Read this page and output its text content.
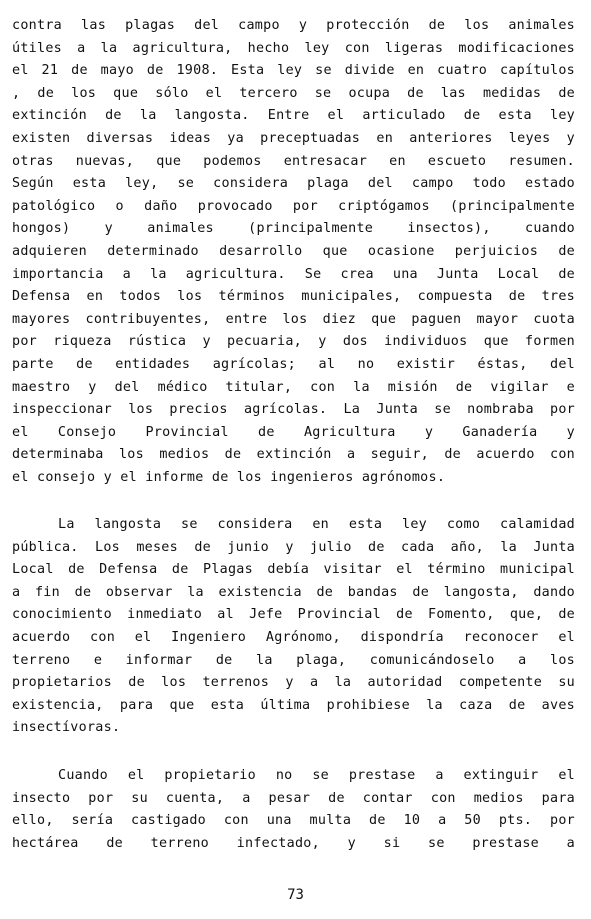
contra las plagas del campo y protección de los animales
útiles a la agricultura, hecho ley con ligeras modificaciones
el 21 de mayo de 1908. Esta ley se divide en cuatro capítulos
, de los que sólo el tercero se ocupa de las medidas de
extinción de la langosta. Entre el articulado de esta ley
existen diversas ideas ya preceptuadas en anteriores leyes y
otras nuevas, que podemos entresacar en escueto resumen.
Según esta ley, se considera plaga del campo todo estado
patológico o daño provocado por criptógamos (principalmente
hongos) y animales (principalmente insectos), cuando
adquieren determinado desarrollo que ocasione perjuicios de
importancia a la agricultura. Se crea una Junta Local de
Defensa en todos los términos municipales, compuesta de tres
mayores contribuyentes, entre los diez que paguen mayor cuota
por riqueza rústica y pecuaria, y dos individuos que formen
parte de entidades agrícolas; al no existir éstas, del
maestro y del médico titular, con la misión de vigilar e
inspeccionar los precios agrícolas. La Junta se nombraba por
el Consejo Provincial de Agricultura y Ganadería y
determinaba los medios de extinción a seguir, de acuerdo con
el consejo y el informe de los ingenieros agrónomos.
La langosta se considera en esta ley como calamidad
pública. Los meses de junio y julio de cada año, la Junta
Local de Defensa de Plagas debía visitar el término municipal
a fin de observar la existencia de bandas de langosta, dando
conocimiento inmediato al Jefe Provincial de Fomento, que, de
acuerdo con el Ingeniero Agrónomo, dispondría reconocer el
terreno e informar de la plaga, comunicándoselo a los
propietarios de los terrenos y a la autoridad competente su
existencia, para que esta última prohibiese la caza de aves
insectívoras.
Cuando el propietario no se prestase a extinguir el
insecto por su cuenta, a pesar de contar con medios para
ello, sería castigado con una multa de 10 a 50 pts. por
hectárea de terreno infectado, y si se prestase a
73
